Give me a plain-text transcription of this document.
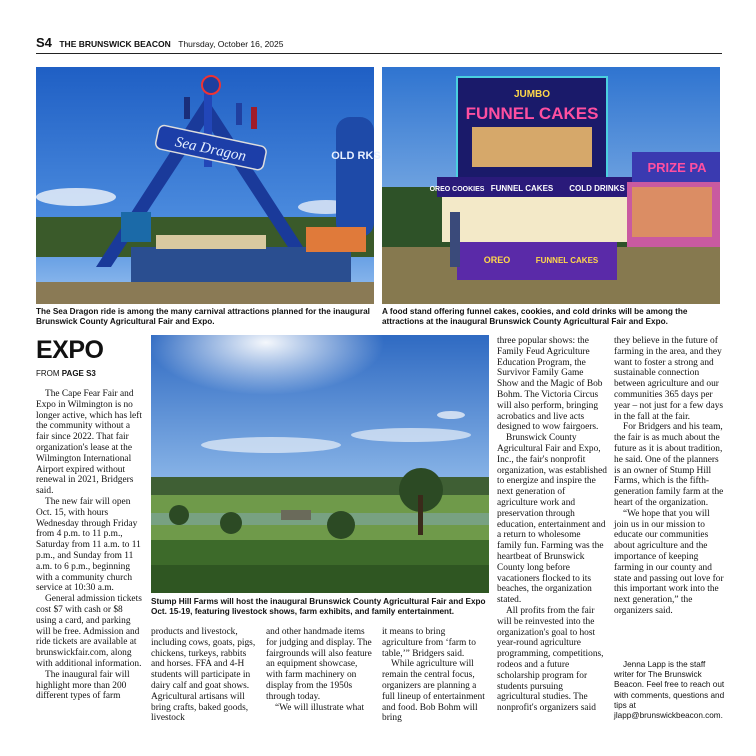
S4 THE BRUNSWICK BEACON Thursday, October 16, 2025
Sea Dragon	OLD RKS
The Sea Dragon ride is among the many carnival attractions planned for the inaugural Brunswick County Agricultural Fair and Expo.
JUMBO
FUNNEL CAKES
OREO COOKIES FUNNEL CAKES COLD DRINKS
OREO	FUNNEL CAKES
PRIZE PA
A food stand offering funnel cakes, cookies, and cold drinks will be among the attractions at the inaugural Brunswick County Agricultural Fair and Expo.
EXPO
FROM PAGE S3

The Cape Fear Fair and Expo in Wilmington is no longer active, which has left the community without a fair since 2022. That fair organization's lease at the Wilmington International Airport expired without renewal in 2021, Bridgers said.

The new fair will open Oct. 15, with hours Wednesday through Friday from 4 p.m. to 11 p.m., Saturday from 11 a.m. to 11 p.m., and Sunday from 11 a.m. to 6 p.m., beginning with a community church service at 10:30 a.m.

General admission tickets cost $7 with cash or $8 using a card, and parking will be free. Admission and ride tickets are available at brunswickfair.com, along with additional information.

The inaugural fair will highlight more than 200 different types of farm

Stump Hill Farms will host the inaugural Brunswick County Agricultural Fair and Expo Oct. 15-19, featuring livestock shows, farm exhibits, and family entertainment.

products and livestock, including cows, goats, pigs, chickens, turkeys, rabbits and horses. FFA and 4-H students will participate in dairy calf and goat shows. Agricultural artisans will bring crafts, baked goods, livestock

and other handmade items for judging and display. The fairgrounds will also feature an equipment showcase, with farm machinery on display from the 1950s through today.

“We will illustrate what

it means to bring agriculture from ‘farm to table,’” Bridgers said.

While agriculture will remain the central focus, organizers are planning a full lineup of entertainment and food. Bob Bohm will bring

three popular shows: the Family Feud Agriculture Education Program, the Survivor Family Game Show and the Magic of Bob Bohm. The Victoria Circus will also perform, bringing acrobatics and live acts designed to wow fairgoers.

Brunswick County Agricultural Fair and Expo, Inc., the fair's nonprofit organization, was established to energize and inspire the next generation of agriculture work and preservation through education, entertainment and a return to wholesome family fun. Farming was the heartbeat of Brunswick County long before vacationers flocked to its beaches, the organization stated.

All profits from the fair will be reinvested into the organization's goal to host year-round agriculture programming, competitions, rodeos and a future scholarship program for students pursuing agricultural studies. The nonprofit's organizers said

they believe in the future of farming in the area, and they want to foster a strong and sustainable connection between agriculture and our communities 365 days per year – not just for a few days in the fall at the fair.

For Bridgers and his team, the fair is as much about the future as it is about tradition, he said. One of the planners is an owner of Stump Hill Farms, which is the fifth-generation family farm at the heart of the organization.

“We hope that you will join us in our mission to educate our communities about agriculture and the importance of keeping farming in our county and state and passing out love for this important work into the next generation,” the organizers said.

Jenna Lapp is the staff writer for The Brunswick Beacon. Feel free to reach out with comments, questions and tips at jlapp@brunswickbeacon.com.
